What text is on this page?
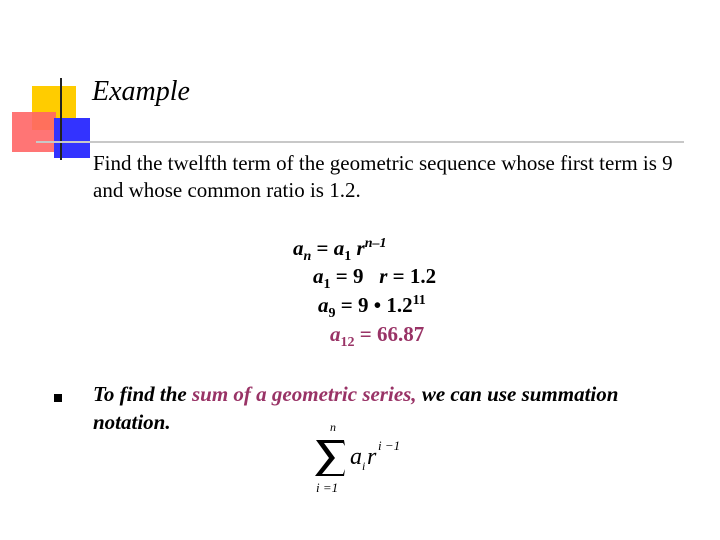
Example

Find the twelfth term of the geometric sequence whose first term is 9 and whose common ratio is 1.2.

$a_n = a_1$ $r^{n-1}$
$a_1 = 9$   r = 1.2
$a_9 = 9$ • $1.2^{11}$
$a_{12} = 66.87$

To find the sum of a geometric series, we can use summation notation.	n
i =1
a i r i −1
